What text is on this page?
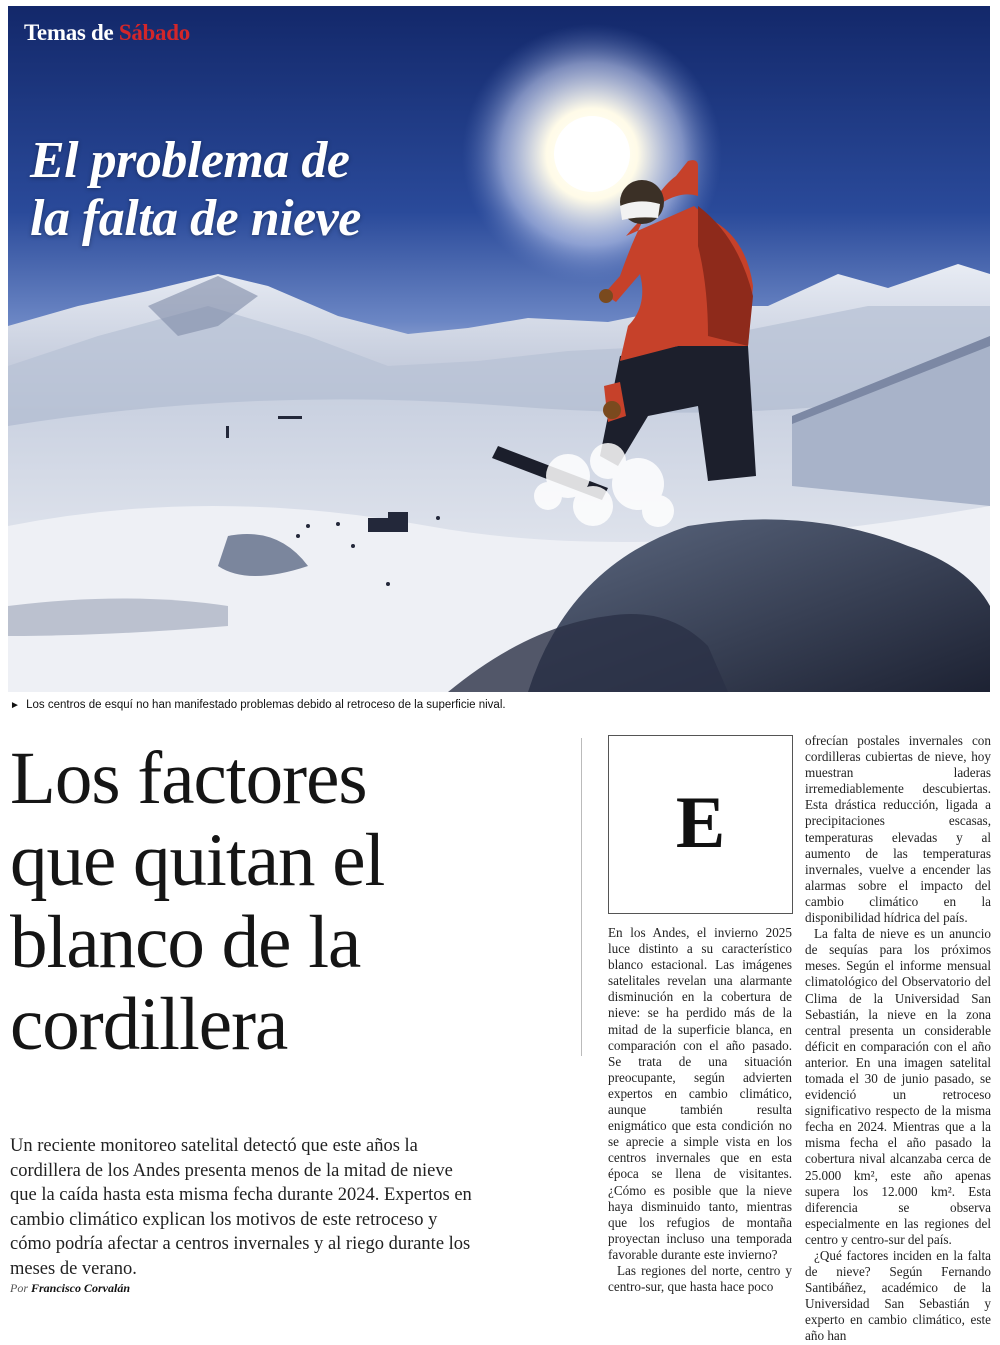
Temas de Sábado
El problema de
la falta de nieve
► Los centros de esquí no han manifestado problemas debido al retroceso de la superficie nival.
Los factores
que quitan el
blanco de la
cordillera
Un reciente monitoreo satelital detectó que este años la cordillera de los Andes presenta menos de la mitad de nieve que la caída hasta esta misma fecha durante 2024. Expertos en cambio climático explican los motivos de este retroceso y cómo podría afectar a centros invernales y al riego durante los meses de verano.
Por Francisco Corvalán
E

En los Andes, el invierno 2025 luce distinto a su característico blanco estacional. Las imágenes satelitales revelan una alarmante disminución en la cobertura de nieve: se ha perdido más de la mitad de la superficie blanca, en comparación con el año pasado. Se trata de una situación preocupante, según advierten expertos en cambio climático, aunque también resulta enigmático que esta condición no se aprecie a simple vista en los centros invernales que en esta época se llena de visitantes. ¿Cómo es posible que la nieve haya disminuido tanto, mientras que los refugios de montaña proyectan incluso una temporada favorable durante este invierno?

Las regiones del norte, centro y centro-sur, que hasta hace poco

ofrecían postales invernales con cordilleras cubiertas de nieve, hoy muestran laderas irremediablemente descubiertas. Esta drástica reducción, ligada a precipitaciones escasas, temperaturas elevadas y al aumento de las temperaturas invernales, vuelve a encender las alarmas sobre el impacto del cambio climático en la disponibilidad hídrica del país.

La falta de nieve es un anuncio de sequías para los próximos meses. Según el informe mensual climatológico del Observatorio del Clima de la Universidad San Sebastián, la nieve en la zona central presenta un considerable déficit en comparación con el año anterior. En una imagen satelital tomada el 30 de junio pasado, se evidenció un retroceso significativo respecto de la misma fecha en 2024. Mientras que a la misma fecha el año pasado la cobertura nival alcanzaba cerca de 25.000 km², este año apenas supera los 12.000 km². Esta diferencia se observa especialmente en las regiones del centro y centro-sur del país.

¿Qué factores inciden en la falta de nieve? Según Fernando Santibáñez, académico de la Universidad San Sebastián y experto en cambio climático, este año han
